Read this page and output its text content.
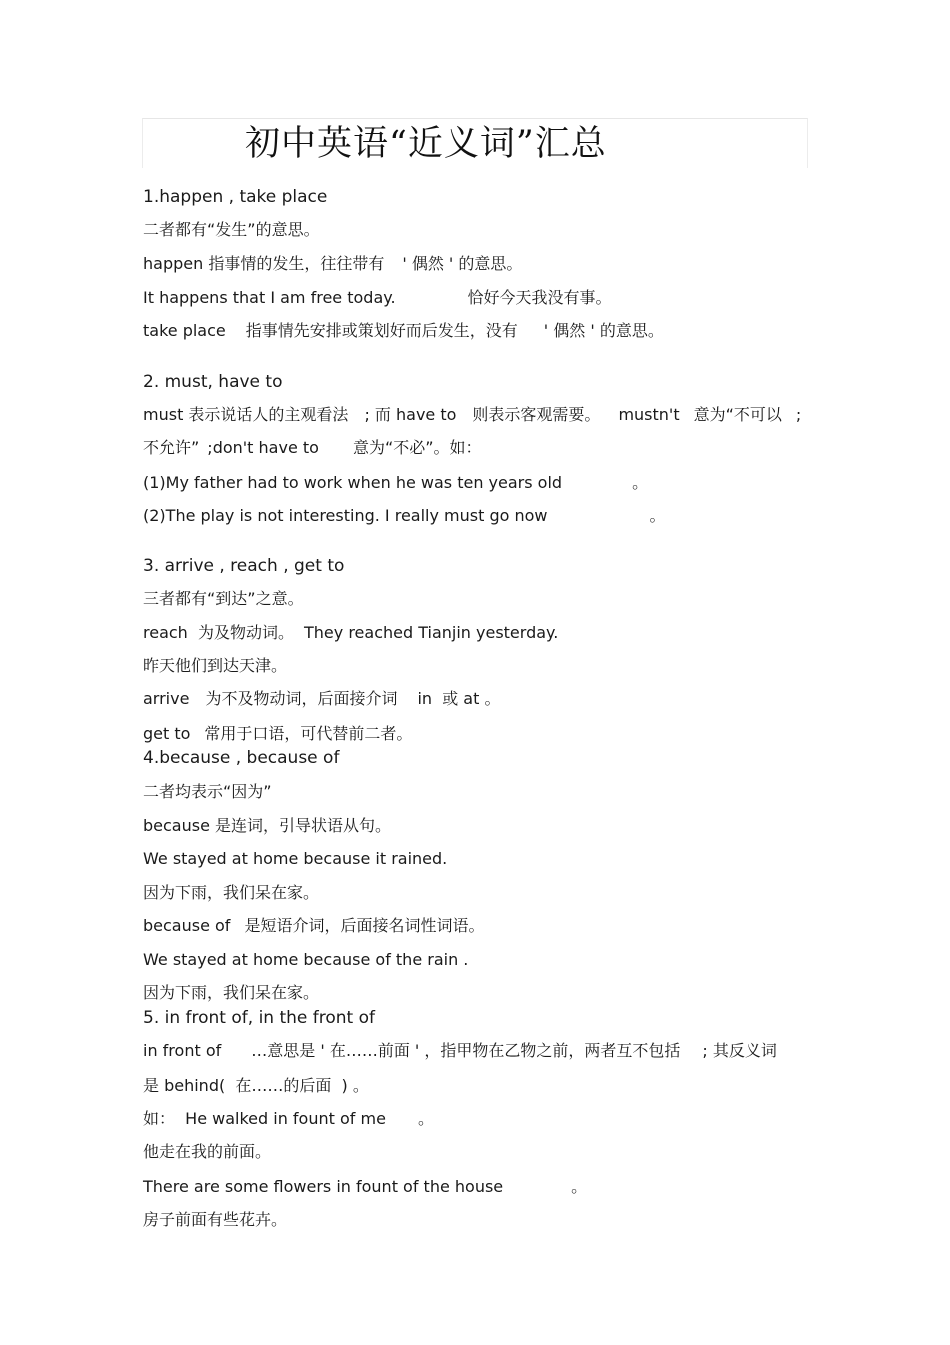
初中英语“近义词”汇总
1.happen , take place
二者都有“发生”的意思。
happen 指事情的发生，往往带有 ' 偶然 ' 的意思。
It happens that I am free today.	恰好今天我没有事。
take place 指事情先安排或策划好而后发生，没有 ' 偶然 ' 的意思。
2. must, have to
must 表示说话人的主观看法 ; 而 have to 则表示客观需要。 mustn't 意为“不可以 ;
不允许” ;don't have to 意为“不必”。如：
(1)My father had to work when he was ten years old	。
(2)The play is not interesting. I really must go now	。
3. arrive , reach , get to
三者都有“到达”之意。
reach  为及物动词。 They reached Tianjin yesterday.
昨天他们到达天津。
arrive 为不及物动词，后面接介词 in  或 at 。
get to 常用于口语，可代替前二者。
4.because , because of
二者均表示“因为”
because 是连词，引导状语从句。
We stayed at home because it rained.
因为下雨，我们呆在家。
because of 是短语介词，后面接名词性词语。
We stayed at home because of the rain .
因为下雨，我们呆在家。
5. in front of, in the front of
in front of …意思是 ' 在……前面 ' ，指甲物在乙物之前，两者互不包括 ; 其反义词
是 behind(  在……的后面  ) 。
如：  He walked in fount of me 。
他走在我的前面。
There are some flowers in fount of the house	。
房子前面有些花卉。
